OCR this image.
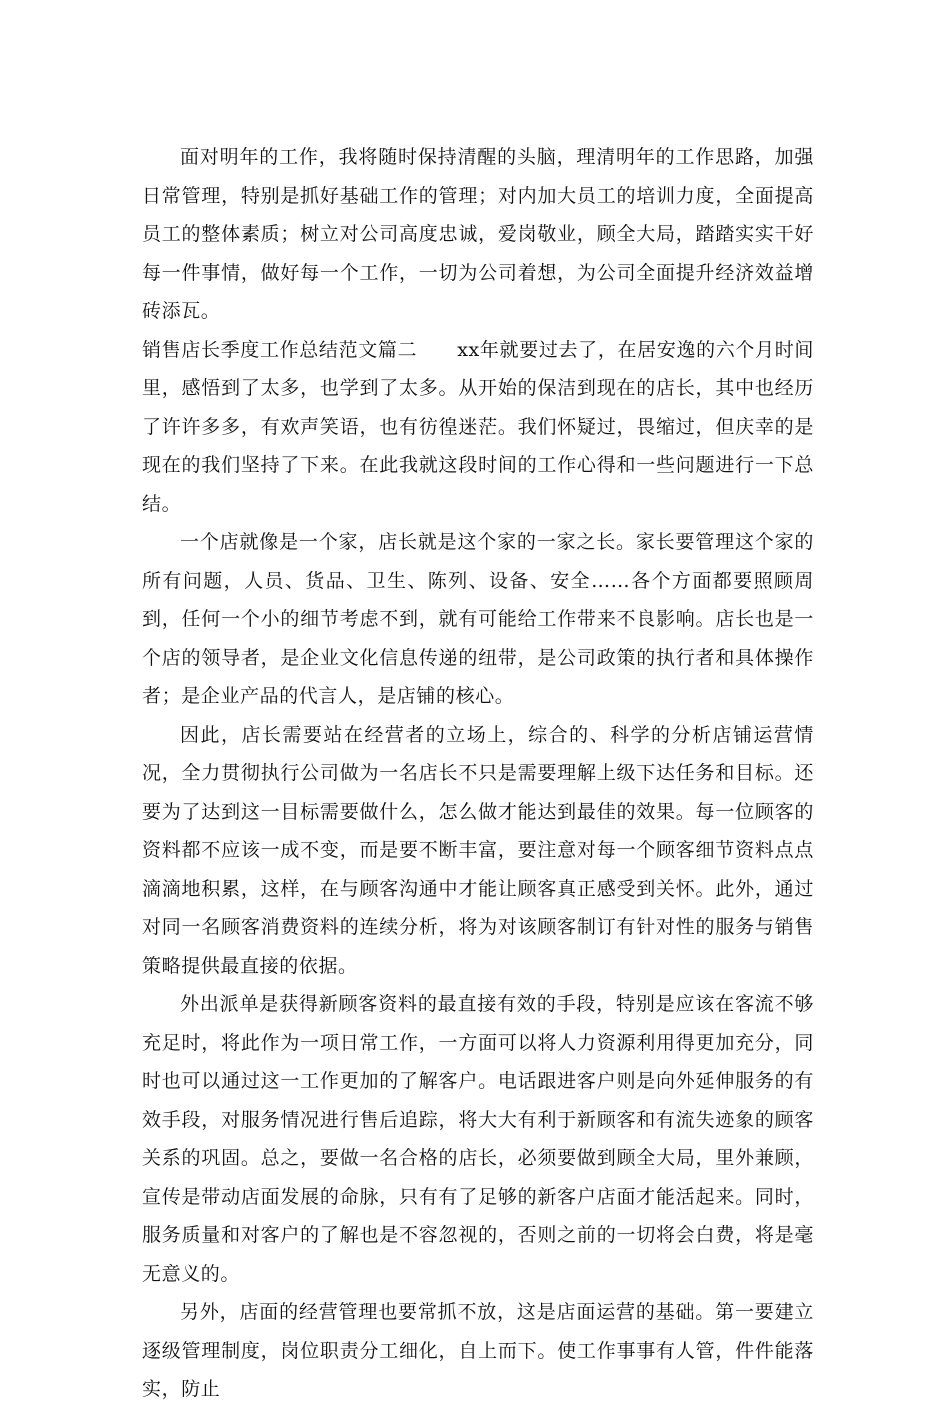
面对明年的工作，我将随时保持清醒的头脑，理清明年的工作思路，加强日常管理，特别是抓好基础工作的管理；对内加大员工的培训力度，全面提高员工的整体素质；树立对公司高度忠诚，爱岗敬业，顾全大局，踏踏实实干好每一件事情，做好每一个工作，一切为公司着想，为公司全面提升经济效益增砖添瓦。

销售店长季度工作总结范文篇二 xx年就要过去了，在居安逸的六个月时间里，感悟到了太多，也学到了太多。从开始的保洁到现在的店长，其中也经历了许许多多，有欢声笑语，也有彷徨迷茫。我们怀疑过，畏缩过，但庆幸的是现在的我们坚持了下来。在此我就这段时间的工作心得和一些问题进行一下总结。

一个店就像是一个家，店长就是这个家的一家之长。家长要管理这个家的所有问题，人员、货品、卫生、陈列、设备、安全……各个方面都要照顾周到，任何一个小的细节考虑不到，就有可能给工作带来不良影响。店长也是一个店的领导者，是企业文化信息传递的纽带，是公司政策的执行者和具体操作者；是企业产品的代言人，是店铺的核心。

因此，店长需要站在经营者的立场上，综合的、科学的分析店铺运营情况，全力贯彻执行公司做为一名店长不只是需要理解上级下达任务和目标。还要为了达到这一目标需要做什么，怎么做才能达到最佳的效果。每一位顾客的资料都不应该一成不变，而是要不断丰富，要注意对每一个顾客细节资料点点滴滴地积累，这样，在与顾客沟通中才能让顾客真正感受到关怀。此外，通过对同一名顾客消费资料的连续分析，将为对该顾客制订有针对性的服务与销售策略提供最直接的依据。

外出派单是获得新顾客资料的最直接有效的手段，特别是应该在客流不够充足时，将此作为一项日常工作，一方面可以将人力资源利用得更加充分，同时也可以通过这一工作更加的了解客户。电话跟进客户则是向外延伸服务的有效手段，对服务情况进行售后追踪，将大大有利于新顾客和有流失迹象的顾客关系的巩固。总之，要做一名合格的店长，必须要做到顾全大局，里外兼顾，宣传是带动店面发展的命脉，只有有了足够的新客户店面才能活起来。同时，服务质量和对客户的了解也是不容忽视的，否则之前的一切将会白费，将是毫无意义的。

另外，店面的经营管理也要常抓不放，这是店面运营的基础。第一要建立逐级管理制度，岗位职责分工细化，自上而下。使工作事事有人管，件件能落实，防止
